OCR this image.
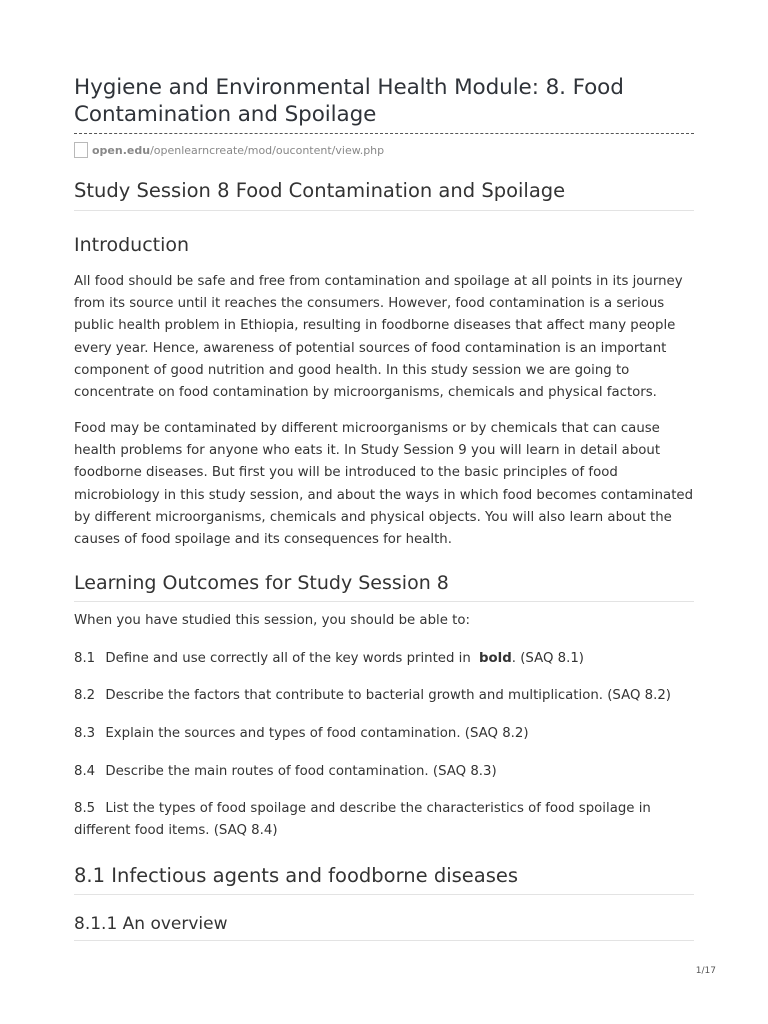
Hygiene and Environmental Health Module: 8. Food Contamination and Spoilage
open.edu/openlearncreate/mod/oucontent/view.php
Study Session 8 Food Contamination and Spoilage
Introduction

All food should be safe and free from contamination and spoilage at all points in its journey from its source until it reaches the consumers. However, food contamination is a serious public health problem in Ethiopia, resulting in foodborne diseases that affect many people every year. Hence, awareness of potential sources of food contamination is an important component of good nutrition and good health. In this study session we are going to concentrate on food contamination by microorganisms, chemicals and physical factors.

Food may be contaminated by different microorganisms or by chemicals that can cause health problems for anyone who eats it. In Study Session 9 you will learn in detail about foodborne diseases. But first you will be introduced to the basic principles of food microbiology in this study session, and about the ways in which food becomes contaminated by different microorganisms, chemicals and physical objects. You will also learn about the causes of food spoilage and its consequences for health.

Learning Outcomes for Study Session 8

When you have studied this session, you should be able to:

8.1 Define and use correctly all of the key words printed in bold. (SAQ 8.1)

8.2 Describe the factors that contribute to bacterial growth and multiplication. (SAQ 8.2)

8.3 Explain the sources and types of food contamination. (SAQ 8.2)

8.4 Describe the main routes of food contamination. (SAQ 8.3)

8.5 List the types of food spoilage and describe the characteristics of food spoilage in different food items. (SAQ 8.4)

8.1 Infectious agents and foodborne diseases
8.1.1 An overview
1/17
